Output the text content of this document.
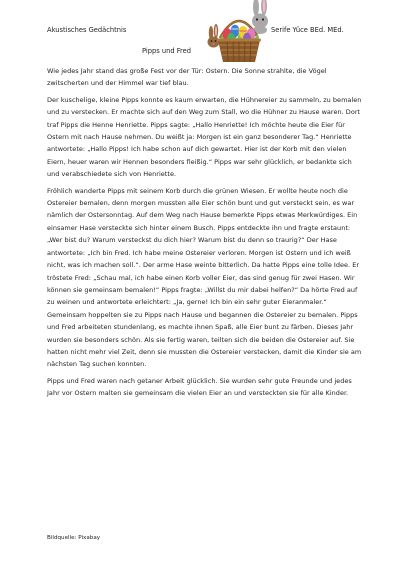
Akustisches Gedächtnis	Serife Yüce BEd. MEd.
Pipps und Fred

Wie jedes Jahr stand das große Fest vor der Tür: Ostern. Die Sonne strahlte, die Vögel zwitscherten und der Himmel war tief blau.

Der kuschelige, kleine Pipps konnte es kaum erwarten, die Hühnereier zu sammeln, zu bemalen und zu verstecken. Er machte sich auf den Weg zum Stall, wo die Hühner zu Hause waren. Dort traf Pipps die Henne Henriette. Pipps sagte: „Hallo Henriette! Ich möchte heute die Eier für Ostern mit nach Hause nehmen. Du weißt ja: Morgen ist ein ganz besonderer Tag.“ Henriette antwortete: „Hallo Pipps! Ich habe schon auf dich gewartet. Hier ist der Korb mit den vielen Eiern, heuer waren wir Hennen besonders fleißig.“ Pipps war sehr glücklich, er bedankte sich und verabschiedete sich von Henriette.

Fröhlich wanderte Pipps mit seinem Korb durch die grünen Wiesen. Er wollte heute noch die Ostereier bemalen, denn morgen mussten alle Eier schön bunt und gut versteckt sein, es war nämlich der Ostersonntag. Auf dem Weg nach Hause bemerkte Pipps etwas Merkwürdiges. Ein einsamer Hase versteckte sich hinter einem Busch. Pipps entdeckte ihn und fragte erstaunt: „Wer bist du? Warum versteckst du dich hier? Warum bist du denn so traurig?“ Der Hase antwortete: „Ich bin Fred. Ich habe meine Ostereier verloren. Morgen ist Ostern und ich weiß nicht, was ich machen soll.“. Der arme Hase weinte bitterlich. Da hatte Pipps eine tolle Idee. Er tröstete Fred: „Schau mal, ich habe einen Korb voller Eier, das sind genug für zwei Hasen. Wir können sie gemeinsam bemalen!“ Pipps fragte: „Willst du mir dabei helfen?“ Da hörte Fred auf zu weinen und antwortete erleichtert: „Ja, gerne! Ich bin ein sehr guter Eieranmaler.“ Gemeinsam hoppelten sie zu Pipps nach Hause und begannen die Ostereier zu bemalen. Pipps und Fred arbeiteten stundenlang, es machte ihnen Spaß, alle Eier bunt zu färben. Dieses Jahr wurden sie besonders schön. Als sie fertig waren, teilten sich die beiden die Ostereier auf. Sie hatten nicht mehr viel Zeit, denn sie mussten die Ostereier verstecken, damit die Kinder sie am nächsten Tag suchen konnten.

Pipps und Fred waren nach getaner Arbeit glücklich. Sie wurden sehr gute Freunde und jedes Jahr vor Ostern malten sie gemeinsam die vielen Eier an und versteckten sie für alle Kinder.

Bildquelle: Pixabay
